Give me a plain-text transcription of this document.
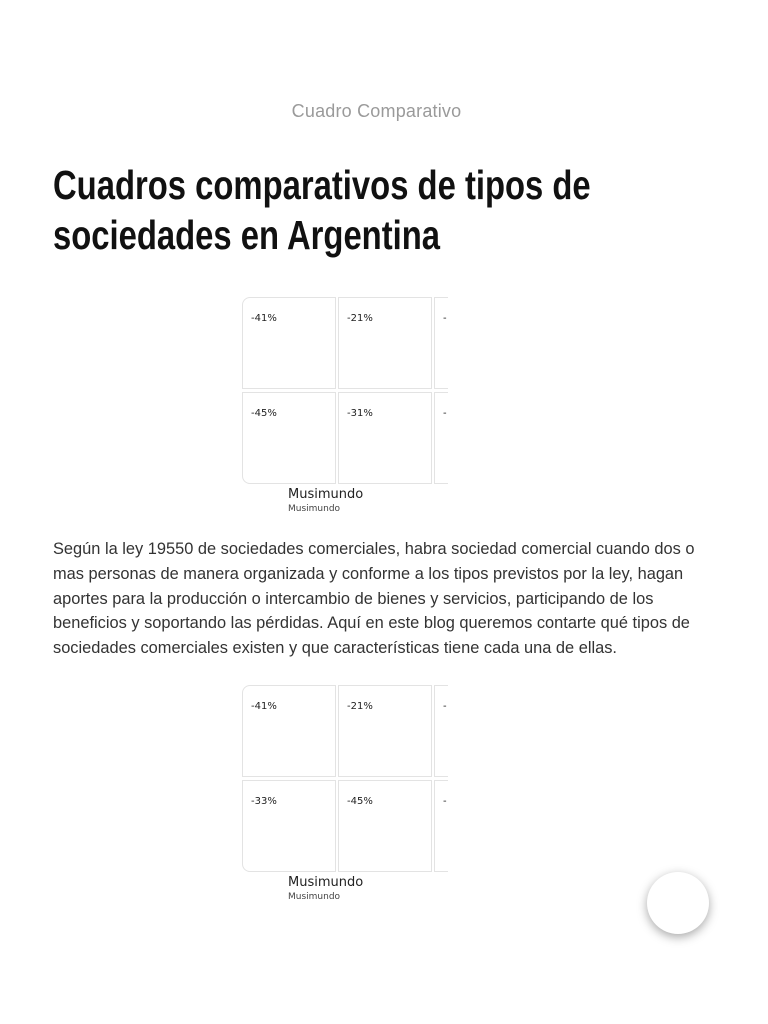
Cuadro Comparativo
Cuadros comparativos de tipos de
sociedades en Argentina
-41%	-21%	-
-45%	-31%	-
Musimundo
Musimundo

Según la ley 19550 de sociedades comerciales, habra sociedad comercial cuando dos o mas personas de manera organizada y conforme a los tipos previstos por la ley, hagan aportes para la producción o intercambio de bienes y servicios, participando de los beneficios y soportando las pérdidas. Aquí en este blog queremos contarte qué tipos de sociedades comerciales existen y que características tiene cada una de ellas.

-41%	-21%	-
-33%	-45%	-
Musimundo
Musimundo
